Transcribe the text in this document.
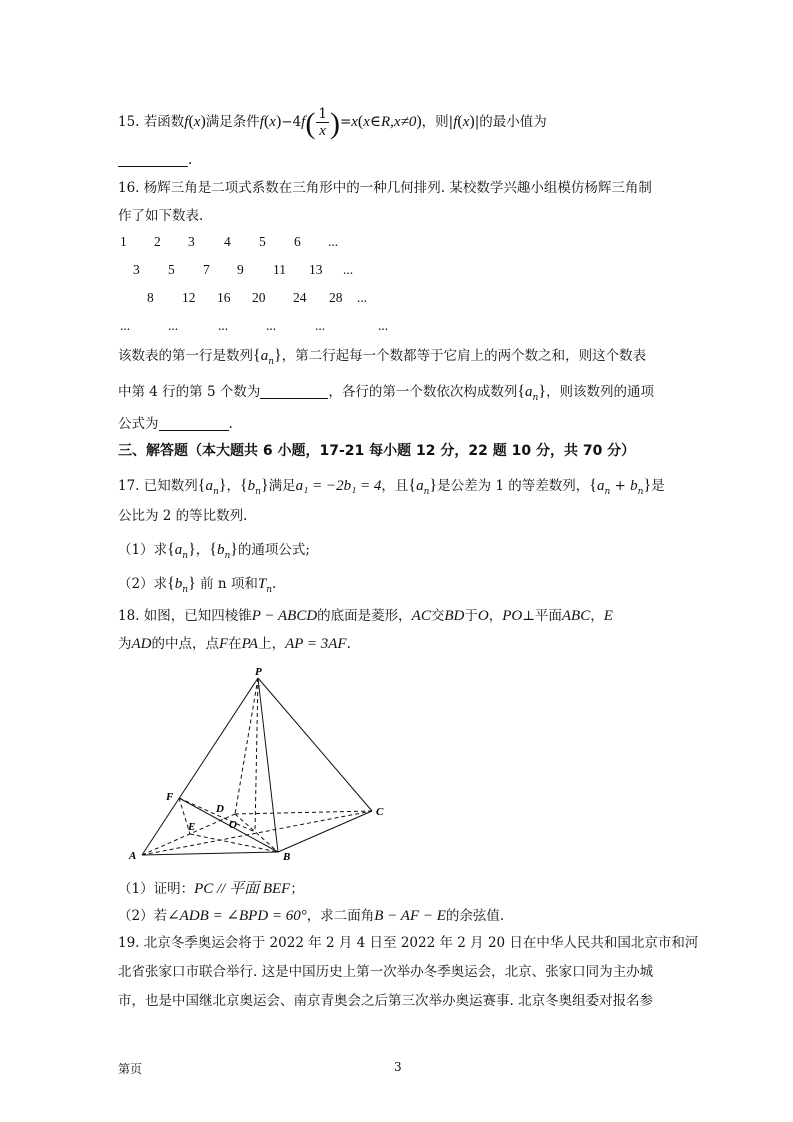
15. 若函数f(x)满足条件$f(x)-4f( \frac{1}{x}$ )=x(x∈R,x≠0)，则|f(x)|的最小值为
.
16. 杨辉三角是二项式系数在三角形中的一种几何排列. 某校数学兴趣小组模仿杨辉三角制
作了如下数表.
1 2 3 4 5 6 ...
3 5 7 9 11 13 ...
8 12 16 20 24 28 ...
...	...	...	...	...	...
该数表的第一行是数列$\{a_n\}$，第二行起每一个数都等于它肩上的两个数之和，则这个数表
中第 4 行的第 5 个数为	，各行的第一个数依次构成数列$\{a_n\}$，则该数列的通项
公式为	.
三、解答题（本大题共 6 小题，17-21 每小题 12 分，22 题 10 分，共 70 分）
17. 已知数列$\{a_n\}$，$\{b_n\}$满足a₁ = −2b₁ = 4，且$\{a_n\}$是公差为 1 的等差数列，$\{a_n + b_n\}$是
公比为 2 的等比数列.
（1）求$\{a_n\}$，$\{b_n\}$的通项公式;
（2）求$\{b_n\}$ 前 n 项和$T_n$.
18. 如图，已知四棱锥P − ABCD的底面是菱形，AC交BD于O，PO⊥平面ABC，E
为AD的中点，点F在PA上，AP = 3AF.
P
A	B
C
D
F
E	O
（1）证明：PC // 平面 BEF；
（2）若∠ADB = ∠BPD = 60°，求二面角B − AF − E的余弦值.
19. 北京冬季奥运会将于 2022 年 2 月 4 日至 2022 年 2 月 20 日在中华人民共和国北京市和河
北省张家口市联合举行. 这是中国历史上第一次举办冬季奥运会，北京、张家口同为主办城
市，也是中国继北京奥运会、南京青奥会之后第三次举办奥运赛事. 北京冬奥组委对报名参
第页	3
